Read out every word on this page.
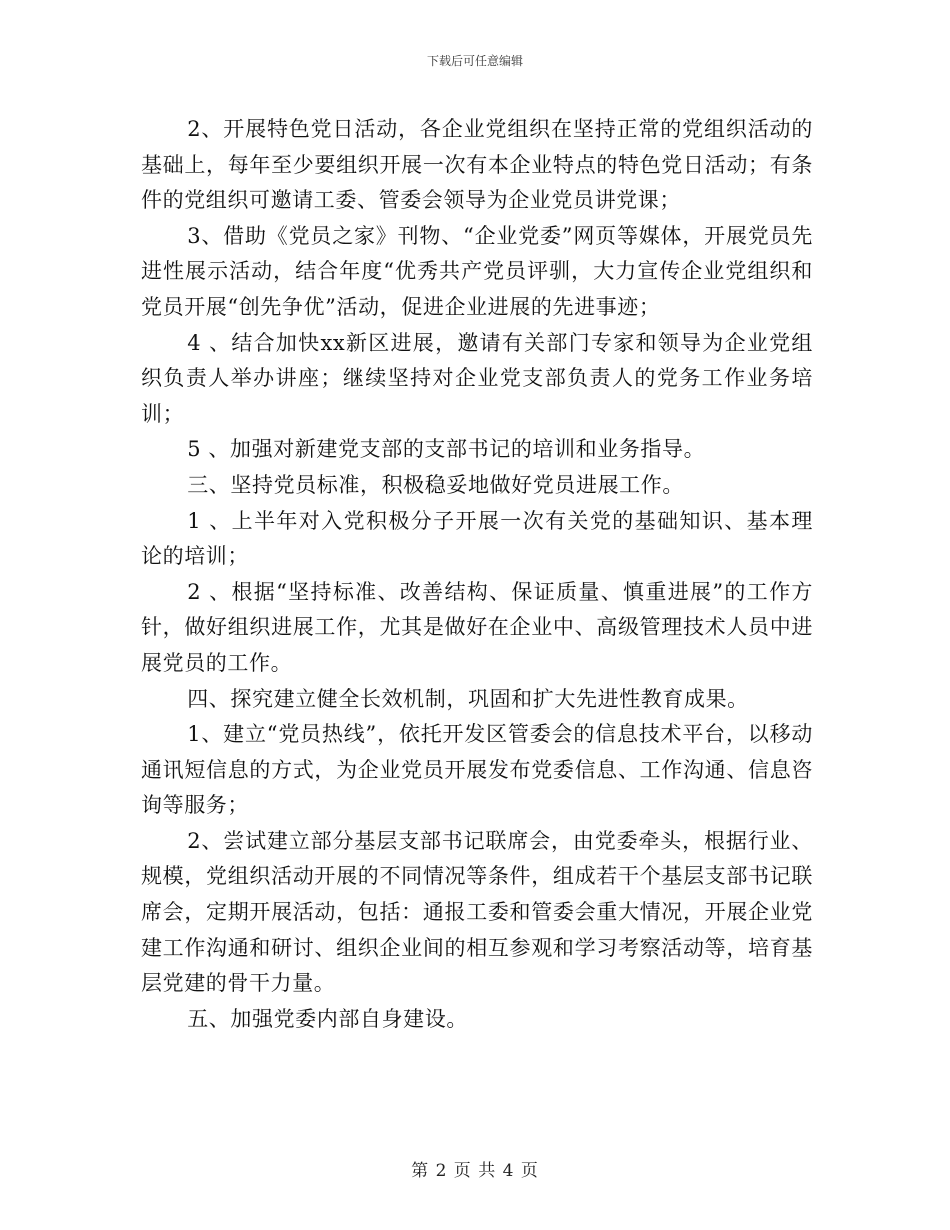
下载后可任意编辑

2、开展特色党日活动，各企业党组织在坚持正常的党组织活动的基础上，每年至少要组织开展一次有本企业特点的特色党日活动；有条件的党组织可邀请工委、管委会领导为企业党员讲党课；

3、借助《党员之家》刊物、“企业党委”网页等媒体，开展党员先进性展示活动，结合年度“优秀共产党员评驯，大力宣传企业党组织和党员开展“创先争优”活动，促进企业进展的先进事迹；

4 、结合加快xx新区进展，邀请有关部门专家和领导为企业党组织负责人举办讲座；继续坚持对企业党支部负责人的党务工作业务培训；

5 、加强对新建党支部的支部书记的培训和业务指导。

三、坚持党员标准，积极稳妥地做好党员进展工作。

1 、上半年对入党积极分子开展一次有关党的基础知识、基本理论的培训；

2 、根据“坚持标准、改善结构、保证质量、慎重进展”的工作方针，做好组织进展工作，尤其是做好在企业中、高级管理技术人员中进展党员的工作。

四、探究建立健全长效机制，巩固和扩大先进性教育成果。

1、建立“党员热线”，依托开发区管委会的信息技术平台，以移动通讯短信息的方式，为企业党员开展发布党委信息、工作沟通、信息咨询等服务；

2、尝试建立部分基层支部书记联席会，由党委牵头，根据行业、规模，党组织活动开展的不同情况等条件，组成若干个基层支部书记联席会，定期开展活动，包括：通报工委和管委会重大情况，开展企业党建工作沟通和研讨、组织企业间的相互参观和学习考察活动等，培育基层党建的骨干力量。

五、加强党委内部自身建设。

第 2 页 共 4 页
